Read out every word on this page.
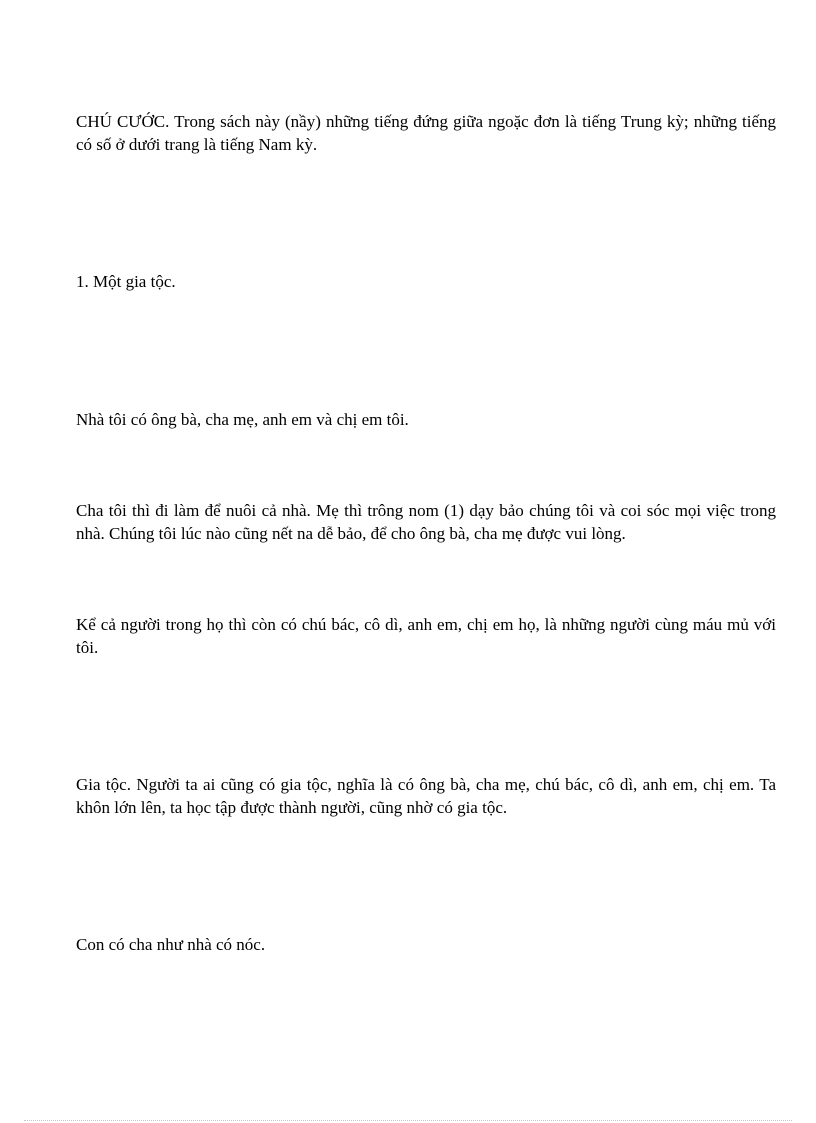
CHÚ CƯỚC. Trong sách này (nầy) những tiếng đứng giữa ngoặc đơn là tiếng Trung kỳ; những tiếng có số ở dưới trang là tiếng Nam kỳ.

1. Một gia tộc.

Nhà tôi có ông bà, cha mẹ, anh em và chị em tôi.

Cha tôi thì đi làm để nuôi cả nhà. Mẹ thì trông nom (1) dạy bảo chúng tôi và coi sóc mọi việc trong nhà. Chúng tôi lúc nào cũng nết na dễ bảo, để cho ông bà, cha mẹ được vui lòng.

Kể cả người trong họ thì còn có chú bác, cô dì, anh em, chị em họ, là những người cùng máu mủ với tôi.

Gia tộc. Người ta ai cũng có gia tộc, nghĩa là có ông bà, cha mẹ, chú bác, cô dì, anh em, chị em. Ta khôn lớn lên, ta học tập được thành người, cũng nhờ có gia tộc.

Con có cha như nhà có nóc.
